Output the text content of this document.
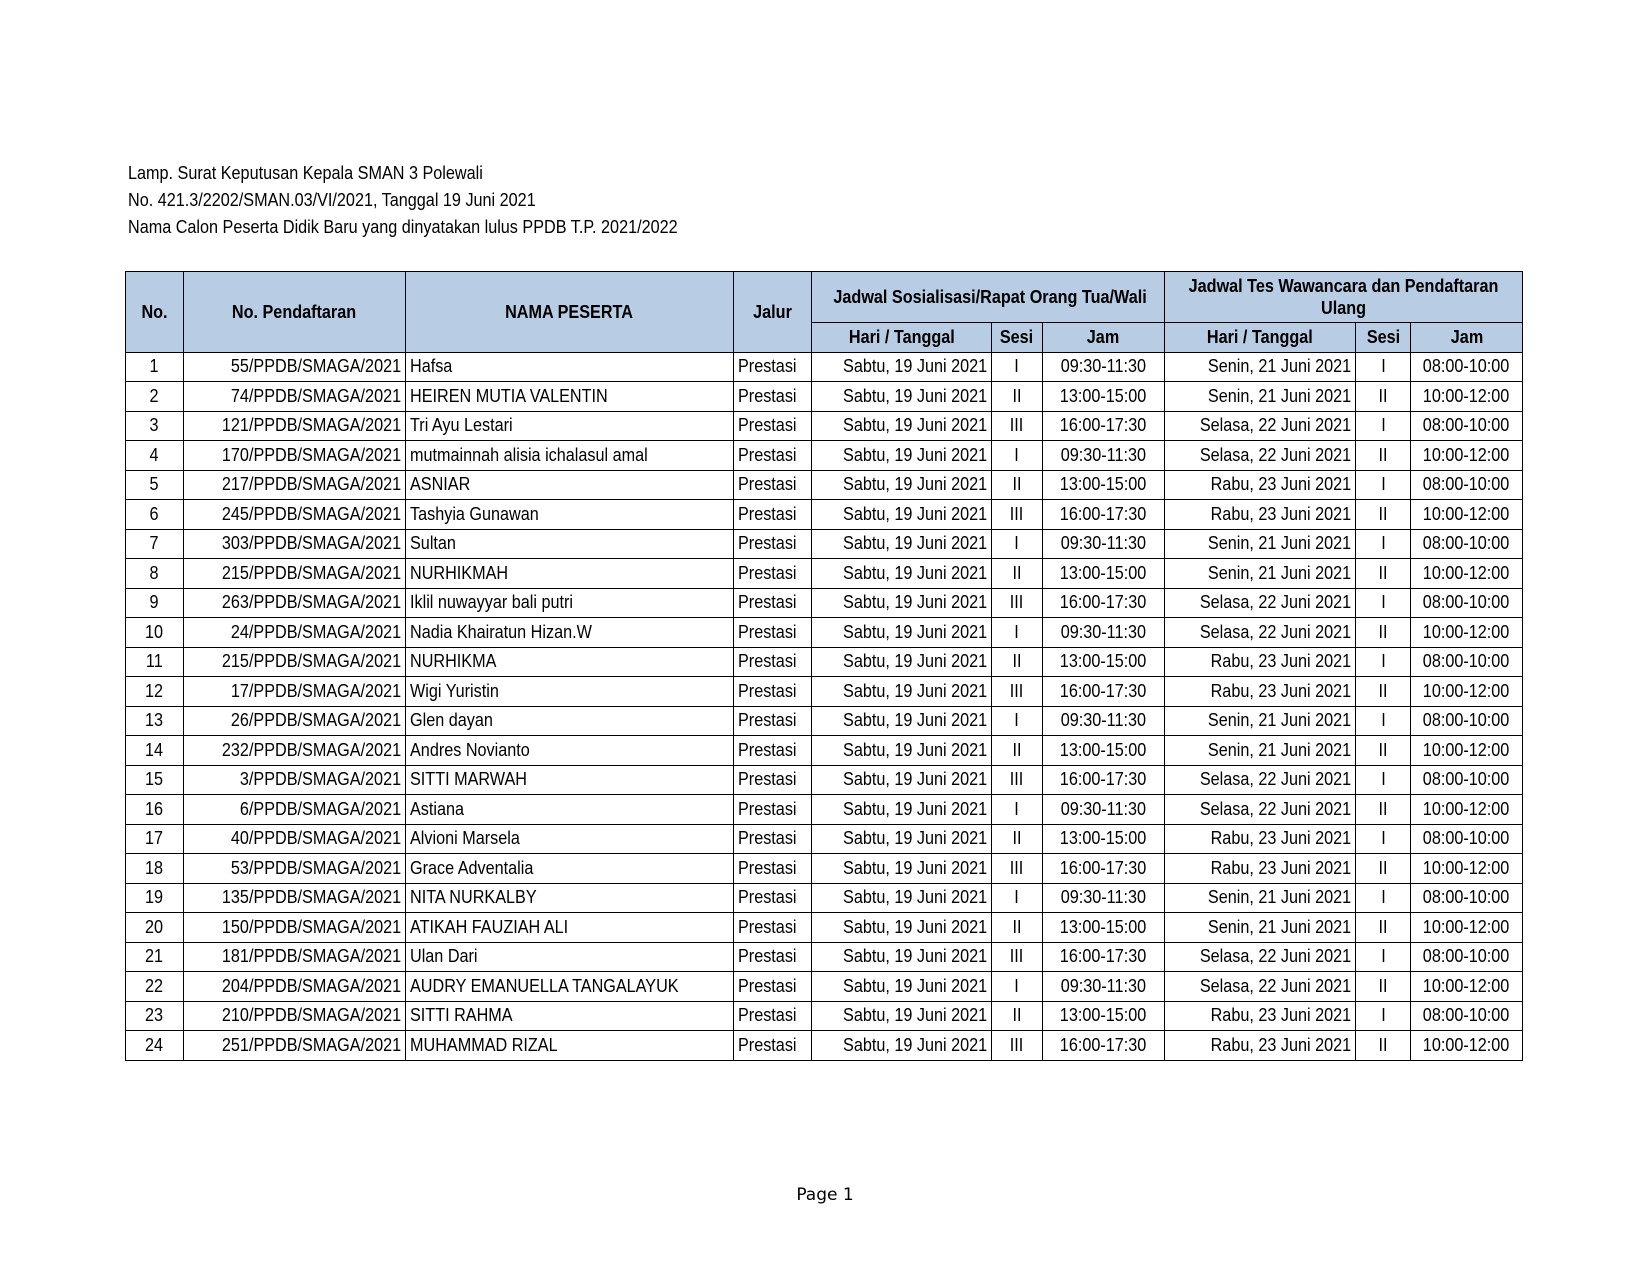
Lamp. Surat Keputusan Kepala SMAN 3 Polewali
No. 421.3/2202/SMAN.03/VI/2021, Tanggal 19 Juni 2021
Nama Calon Peserta Didik Baru yang dinyatakan lulus PPDB T.P. 2021/2022
No.	No. Pendaftaran	NAMA PESERTA	Jalur	Jadwal Sosialisasi/Rapat Orang Tua/Wali			Jadwal Tes Wawancara dan Pendaftaran Ulang		
				Hari / Tanggal	Sesi	Jam	Hari / Tanggal	Sesi	Jam
1	55/PPDB/SMAGA/2021	Hafsa	Prestasi	Sabtu, 19 Juni 2021	I	09:30-11:30	Senin, 21 Juni 2021	I	08:00-10:00
2	74/PPDB/SMAGA/2021	HEIREN MUTIA VALENTIN	Prestasi	Sabtu, 19 Juni 2021	II	13:00-15:00	Senin, 21 Juni 2021	II	10:00-12:00
3	121/PPDB/SMAGA/2021	Tri Ayu Lestari	Prestasi	Sabtu, 19 Juni 2021	III	16:00-17:30	Selasa, 22 Juni 2021	I	08:00-10:00
4	170/PPDB/SMAGA/2021	mutmainnah alisia ichalasul amal	Prestasi	Sabtu, 19 Juni 2021	I	09:30-11:30	Selasa, 22 Juni 2021	II	10:00-12:00
5	217/PPDB/SMAGA/2021	ASNIAR	Prestasi	Sabtu, 19 Juni 2021	II	13:00-15:00	Rabu, 23 Juni 2021	I	08:00-10:00
6	245/PPDB/SMAGA/2021	Tashyia Gunawan	Prestasi	Sabtu, 19 Juni 2021	III	16:00-17:30	Rabu, 23 Juni 2021	II	10:00-12:00
7	303/PPDB/SMAGA/2021	Sultan	Prestasi	Sabtu, 19 Juni 2021	I	09:30-11:30	Senin, 21 Juni 2021	I	08:00-10:00
8	215/PPDB/SMAGA/2021	NURHIKMAH	Prestasi	Sabtu, 19 Juni 2021	II	13:00-15:00	Senin, 21 Juni 2021	II	10:00-12:00
9	263/PPDB/SMAGA/2021	Iklil nuwayyar bali putri	Prestasi	Sabtu, 19 Juni 2021	III	16:00-17:30	Selasa, 22 Juni 2021	I	08:00-10:00
10	24/PPDB/SMAGA/2021	Nadia Khairatun Hizan.W	Prestasi	Sabtu, 19 Juni 2021	I	09:30-11:30	Selasa, 22 Juni 2021	II	10:00-12:00
11	215/PPDB/SMAGA/2021	NURHIKMA	Prestasi	Sabtu, 19 Juni 2021	II	13:00-15:00	Rabu, 23 Juni 2021	I	08:00-10:00
12	17/PPDB/SMAGA/2021	Wigi Yuristin	Prestasi	Sabtu, 19 Juni 2021	III	16:00-17:30	Rabu, 23 Juni 2021	II	10:00-12:00
13	26/PPDB/SMAGA/2021	Glen dayan	Prestasi	Sabtu, 19 Juni 2021	I	09:30-11:30	Senin, 21 Juni 2021	I	08:00-10:00
14	232/PPDB/SMAGA/2021	Andres Novianto	Prestasi	Sabtu, 19 Juni 2021	II	13:00-15:00	Senin, 21 Juni 2021	II	10:00-12:00
15	3/PPDB/SMAGA/2021	SITTI MARWAH	Prestasi	Sabtu, 19 Juni 2021	III	16:00-17:30	Selasa, 22 Juni 2021	I	08:00-10:00
16	6/PPDB/SMAGA/2021	Astiana	Prestasi	Sabtu, 19 Juni 2021	I	09:30-11:30	Selasa, 22 Juni 2021	II	10:00-12:00
17	40/PPDB/SMAGA/2021	Alvioni Marsela	Prestasi	Sabtu, 19 Juni 2021	II	13:00-15:00	Rabu, 23 Juni 2021	I	08:00-10:00
18	53/PPDB/SMAGA/2021	Grace Adventalia	Prestasi	Sabtu, 19 Juni 2021	III	16:00-17:30	Rabu, 23 Juni 2021	II	10:00-12:00
19	135/PPDB/SMAGA/2021	NITA NURKALBY	Prestasi	Sabtu, 19 Juni 2021	I	09:30-11:30	Senin, 21 Juni 2021	I	08:00-10:00
20	150/PPDB/SMAGA/2021	ATIKAH FAUZIAH ALI	Prestasi	Sabtu, 19 Juni 2021	II	13:00-15:00	Senin, 21 Juni 2021	II	10:00-12:00
21	181/PPDB/SMAGA/2021	Ulan Dari	Prestasi	Sabtu, 19 Juni 2021	III	16:00-17:30	Selasa, 22 Juni 2021	I	08:00-10:00
22	204/PPDB/SMAGA/2021	AUDRY EMANUELLA TANGALAYUK	Prestasi	Sabtu, 19 Juni 2021	I	09:30-11:30	Selasa, 22 Juni 2021	II	10:00-12:00
23	210/PPDB/SMAGA/2021	SITTI RAHMA	Prestasi	Sabtu, 19 Juni 2021	II	13:00-15:00	Rabu, 23 Juni 2021	I	08:00-10:00
24	251/PPDB/SMAGA/2021	MUHAMMAD RIZAL	Prestasi	Sabtu, 19 Juni 2021	III	16:00-17:30	Rabu, 23 Juni 2021	II	10:00-12:00
Page 1
